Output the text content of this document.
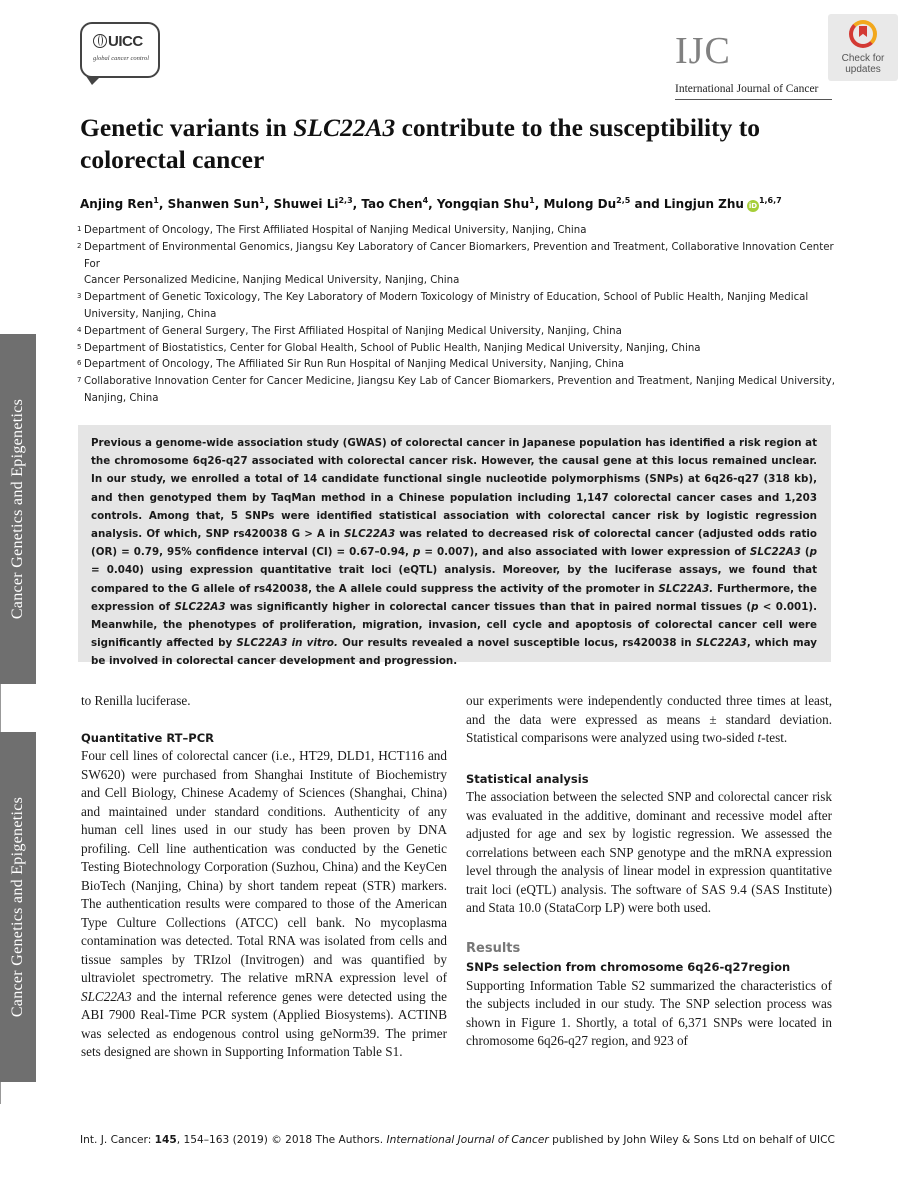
UICC
global cancer control	IJC
International Journal of Cancer
Check for
updates
Genetic variants in SLC22A3 contribute to the susceptibility to colorectal cancer
Anjing Ren$^1$, Shanwen Sun$^1$, Shuwei Li$^{2,3}$, Tao Chen$^4$, Yongqian Shu$^1$, Mulong Du$^{2,5}$ and Lingjun Zhu iD$^{1,6,7}$
1 Department of Oncology, The First Affiliated Hospital of Nanjing Medical University, Nanjing, China
2 Department of Environmental Genomics, Jiangsu Key Laboratory of Cancer Biomarkers, Prevention and Treatment, Collaborative Innovation Center For
Cancer Personalized Medicine, Nanjing Medical University, Nanjing, China
3 Department of Genetic Toxicology, The Key Laboratory of Modern Toxicology of Ministry of Education, School of Public Health, Nanjing Medical
University, Nanjing, China
4 Department of General Surgery, The First Affiliated Hospital of Nanjing Medical University, Nanjing, China
5 Department of Biostatistics, Center for Global Health, School of Public Health, Nanjing Medical University, Nanjing, China
6 Department of Oncology, The Affiliated Sir Run Run Hospital of Nanjing Medical University, Nanjing, China
7 Collaborative Innovation Center for Cancer Medicine, Jiangsu Key Lab of Cancer Biomarkers, Prevention and Treatment, Nanjing Medical University,
Nanjing, China
Cancer Genetics and Epigenetics
Cancer Genetics and Epigenetics

Previous a genome-wide association study (GWAS) of colorectal cancer in Japanese population has identified a risk region at the chromosome 6q26-q27 associated with colorectal cancer risk. However, the causal gene at this locus remained unclear. In our study, we enrolled a total of 14 candidate functional single nucleotide polymorphisms (SNPs) at 6q26-q27 (318 kb), and then genotyped them by TaqMan method in a Chinese population including 1,147 colorectal cancer cases and 1,203 controls. Among that, 5 SNPs were identified statistical association with colorectal cancer risk by logistic regression analysis. Of which, SNP rs420038 G > A in SLC22A3 was related to decreased risk of colorectal cancer (adjusted odds ratio (OR) = 0.79, 95% confidence interval (CI) = 0.67–0.94, p = 0.007), and also associated with lower expression of SLC22A3 (p = 0.040) using expression quantitative trait loci (eQTL) analysis. Moreover, by the luciferase assays, we found that compared to the G allele of rs420038, the A allele could suppress the activity of the promoter in SLC22A3. Furthermore, the expression of SLC22A3 was significantly higher in colorectal cancer tissues than that in paired normal tissues (p < 0.001). Meanwhile, the phenotypes of proliferation, migration, invasion, cell cycle and apoptosis of colorectal cancer cell were significantly affected by SLC22A3 in vitro. Our results revealed a novel susceptible locus, rs420038 in SLC22A3, which may be involved in colorectal cancer development and progression.

to Renilla luciferase.

Quantitative RT–PCR

Four cell lines of colorectal cancer (i.e., HT29, DLD1, HCT116 and SW620) were purchased from Shanghai Institute of Biochemistry and Cell Biology, Chinese Academy of Sciences (Shanghai, China) and maintained under standard conditions. Authenticity of any human cell lines used in our study has been proven by DNA profiling. Cell line authentication was conducted by the Genetic Testing Biotechnology Corporation (Suzhou, China) and the KeyCen BioTech (Nanjing, China) by short tandem repeat (STR) markers. The authentication results were compared to those of the American Type Culture Collections (ATCC) cell bank. No mycoplasma contamination was detected. Total RNA was isolated from cells and tissue samples by TRIzol (Invitrogen) and was quantified by ultraviolet spectrometry. The relative mRNA expression level of SLC22A3 and the internal reference genes were detected using the ABI 7900 Real-Time PCR system (Applied Biosystems). ACTINB was selected as endogenous control using geNorm39. The primer sets designed are shown in Supporting Information Table S1.

our experiments were independently conducted three times at least, and the data were expressed as means ± standard deviation. Statistical comparisons were analyzed using two-sided t-test.

Statistical analysis

The association between the selected SNP and colorectal cancer risk was evaluated in the additive, dominant and recessive model after adjusted for age and sex by logistic regression. We assessed the correlations between each SNP genotype and the mRNA expression level through the analysis of linear model in expression quantitative trait loci (eQTL) analysis. The software of SAS 9.4 (SAS Institute) and Stata 10.0 (StataCorp LP) were both used.

Results
SNPs selection from chromosome 6q26-q27region

Supporting Information Table S2 summarized the characteristics of the subjects included in our study. The SNP selection process was shown in Figure 1. Shortly, a total of 6,371 SNPs were located in chromosome 6q26-q27 region, and 923 of

Int. J. Cancer: 145, 154–163 (2019) © 2018 The Authors. International Journal of Cancer published by John Wiley & Sons Ltd on behalf of UICC
